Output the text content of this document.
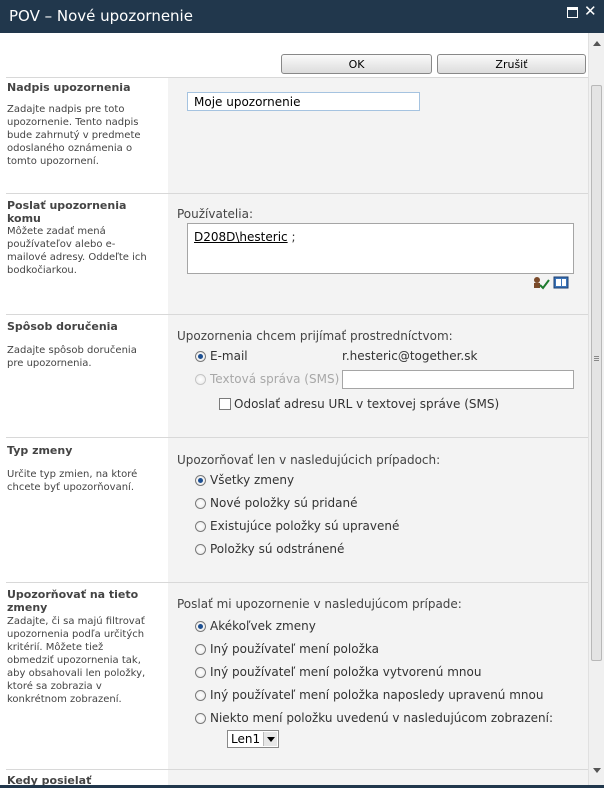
POV – Nové upozornenie	✕
OK	Zrušiť
Nadpis upozornenia
Zadajte nadpis pre toto upozornenie. Tento nadpis bude zahrnutý v predmete odoslaného oznámenia o tomto upozornení.
Moje upozornenie
Poslať upozornenia komu
Môžete zadať mená používateľov alebo e-mailové adresy. Oddeľte ich bodkočiarkou.
Používatelia:
D208D\hesteric ;
Spôsob doručenia
Zadajte spôsob doručenia pre upozornenia.
Upozornenia chcem prijímať prostredníctvom:
E-mail	r.hesteric@together.sk
Textová správa (SMS)
Odoslať adresu URL v textovej správe (SMS)
Typ zmeny
Určite typ zmien, na ktoré chcete byť upozorňovaní.
Upozorňovať len v nasledujúcich prípadoch:
Všetky zmeny
Nové položky sú pridané
Existujúce položky sú upravené
Položky sú odstránené
Upozorňovať na tieto zmeny
Zadajte, či sa majú filtrovať upozornenia podľa určitých kritérií. Môžete tiež obmedziť upozornenia tak, aby obsahovali len položky, ktoré sa zobrazia v konkrétnom zobrazení.
Poslať mi upozornenie v nasledujúcom prípade:
Akékoľvek zmeny
Iný používateľ mení položka
Iný používateľ mení položka vytvorenú mnou
Iný používateľ mení položka naposledy upravenú mnou
Niekto mení položku uvedenú v nasledujúcom zobrazení:
Len1
Kedy posielať
